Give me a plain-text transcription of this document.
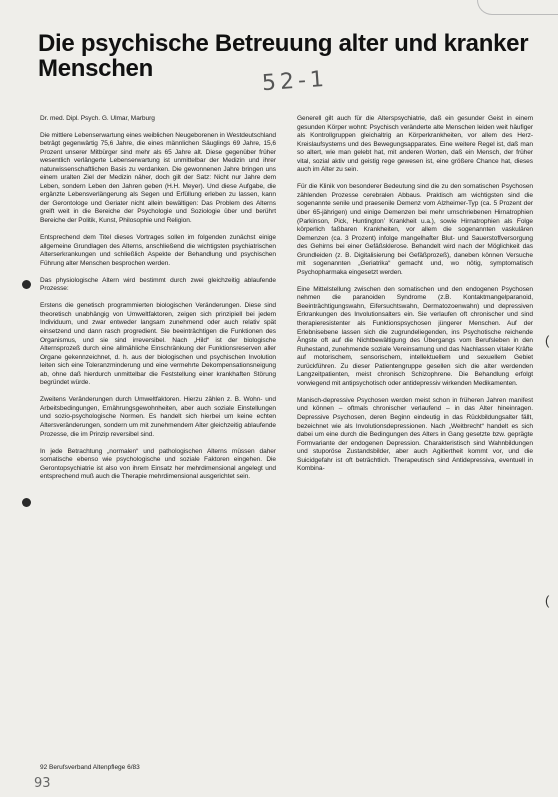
Die psychische Betreuung alter und kranker Menschen	52-1
(
(

Dr. med. Dipl. Psych. G. Ulmar, Marburg

Die mittlere Lebenserwartung eines weiblichen Neugeborenen in Westdeutschland beträgt gegenwärtig 75,6 Jahre, die eines männlichen Säuglings 69 Jahre, 15,6 Prozent unserer Mitbürger sind mehr als 65 Jahre alt. Diese gegenüber früher wesentlich verlängerte Lebenserwartung ist unmittelbar der Medizin und ihrer naturwissenschaftlichen Basis zu verdanken. Die gewonnenen Jahre bringen uns einem uralten Ziel der Medizin näher, doch gilt der Satz: Nicht nur Jahre dem Leben, sondern Leben den Jahren geben (H.H. Meyer). Und diese Aufgabe, die ergänzte Lebensverlängerung als Segen und Erfüllung erleben zu lassen, kann der Gerontologe und Geriater nicht allein bewältigen: Das Problem des Alterns greift weit in die Bereiche der Psychologie und Soziologie über und berührt Bereiche der Politik, Kunst, Philosophie und Religion.

Entsprechend dem Titel dieses Vortrages sollen im folgenden zunächst einige allgemeine Grundlagen des Alterns, anschließend die wichtigsten psychiatrischen Alterserkrankungen und schließlich Aspekte der Behandlung und psychischen Führung alter Menschen besprochen werden.

Das physiologische Altern wird bestimmt durch zwei gleichzeitig ablaufende Prozesse:

Erstens die genetisch programmierten biologischen Veränderungen. Diese sind theoretisch unabhängig von Umweltfaktoren, zeigen sich prinzipiell bei jedem Individuum, und zwar entweder langsam zunehmend oder auch relativ spät einsetzend und dann rasch progredient. Sie beeinträchtigen die Funktionen des Organismus, und sie sind irreversibel. Nach „Hild“ ist der biologische Alternsprozeß durch eine allmähliche Einschränkung der Funktionsreserven aller Organe gekennzeichnet, d. h. aus der biologischen und psychischen Involution leiten sich eine Toleranzminderung und eine vermehrte Dekompensationsneigung ab, ohne daß hierdurch unmittelbar die Feststellung einer krankhaften Störung begründet würde.

Zweitens Veränderungen durch Umweltfaktoren. Hierzu zählen z. B. Wohn- und Arbeitsbedingungen, Ernährungsgewohnheiten, aber auch soziale Einstellungen und sozio-psychologische Normen. Es handelt sich hierbei um keine echten Altersveränderungen, sondern um mit zunehmendem Alter gleichzeitig ablaufende Prozesse, die im Prinzip reversibel sind.

In jede Betrachtung „normalen“ und pathologischen Alterns müssen daher somatische ebenso wie psychologische und soziale Faktoren eingehen. Die Gerontopsychiatrie ist also von ihrem Einsatz her mehrdimensional angelegt und entsprechend muß auch die Therapie mehrdimensional ausgerichtet sein.

Generell gilt auch für die Alterspsychiatrie, daß ein gesunder Geist in einem gesunden Körper wohnt: Psychisch veränderte alte Menschen leiden weit häufiger als Kontrollgruppen gleichaltrig an Körperkrankheiten, vor allem des Herz-Kreislaufsystems und des Bewegungsapparates. Eine weitere Regel ist, daß man so altert, wie man gelebt hat, mit anderen Worten, daß ein Mensch, der früher vital, sozial aktiv und geistig rege gewesen ist, eine größere Chance hat, dieses auch im Alter zu sein.

Für die Klinik von besonderer Bedeutung sind die zu den somatischen Psychosen zählenden Prozesse cerebralen Abbaus. Praktisch am wichtigsten sind die sogenannte senile und praesenile Demenz vom Alzheimer-Typ (ca. 5 Prozent der über 65-jährigen) und einige Demenzen bei mehr umschriebenen Hirnatrophien (Parkinson, Pick, Huntington’ Krankheit u.a.), sowie Hirnatrophien als Folge körperlich faßbaren Krankheiten, vor allem die sogenannten vaskulären Demenzen (ca. 3 Prozent) infolge mangelhafter Blut- und Sauerstoffversorgung des Gehirns bei einer Gefäßsklerose. Behandelt wird nach der Möglichkeit das Grundleiden (z. B. Digitalisierung bei Gefäßprozeß), daneben können Versuche mit sogenannten „Geriatrika“ gemacht und, wo nötig, symptomatisch Psychopharmaka eingesetzt werden.

Eine Mittelstellung zwischen den somatischen und den endogenen Psychosen nehmen die paranoiden Syndrome (z.B. Kontaktmangelparanoid, Beeinträchtigungswahn, Eifersuchtswahn, Dermatozoenwahn) und depressiven Erkrankungen des Involutionsalters ein. Sie verlaufen oft chronischer und sind therapieresistenter als Funktionspsychosen jüngerer Menschen. Auf der Erlebnisebene lassen sich die zugrundeliegenden, ins Psychotische reichende Ängste oft auf die Nichtbewältigung des Übergangs vom Berufsleben in den Ruhestand, zunehmende soziale Vereinsamung und das Nachlassen vitaler Kräfte auf motorischem, sensorischem, intellektuellem und sexuellem Gebiet zurückführen. Zu dieser Patientengruppe gesellen sich die alter werdenden Langzeitpatienten, meist chronisch Schizophrene. Die Behandlung erfolgt vorwiegend mit antipsychotisch oder antidepressiv wirkenden Medikamenten.

Manisch-depressive Psychosen werden meist schon in früheren Jahren manifest und können – oftmals chronischer verlaufend – in das Alter hineinragen. Depressive Psychosen, deren Beginn eindeutig in das Rückbildungsalter fällt, bezeichnet wie als Involutionsdepressionen. Nach „Weitbrecht“ handelt es sich dabei um eine durch die Bedingungen des Alters in Gang gesetzte bzw. geprägte Formvariante der endogenen Depression. Charakteristisch sind Wahnbildungen und stuporöse Zustandsbilder, aber auch Agitiertheit kommt vor, und die Suicidgefahr ist oft beträchtlich. Therapeutisch sind Antidepressiva, eventuell in Kombina-

92 Berufsverband Altenpflege 6/83
93
